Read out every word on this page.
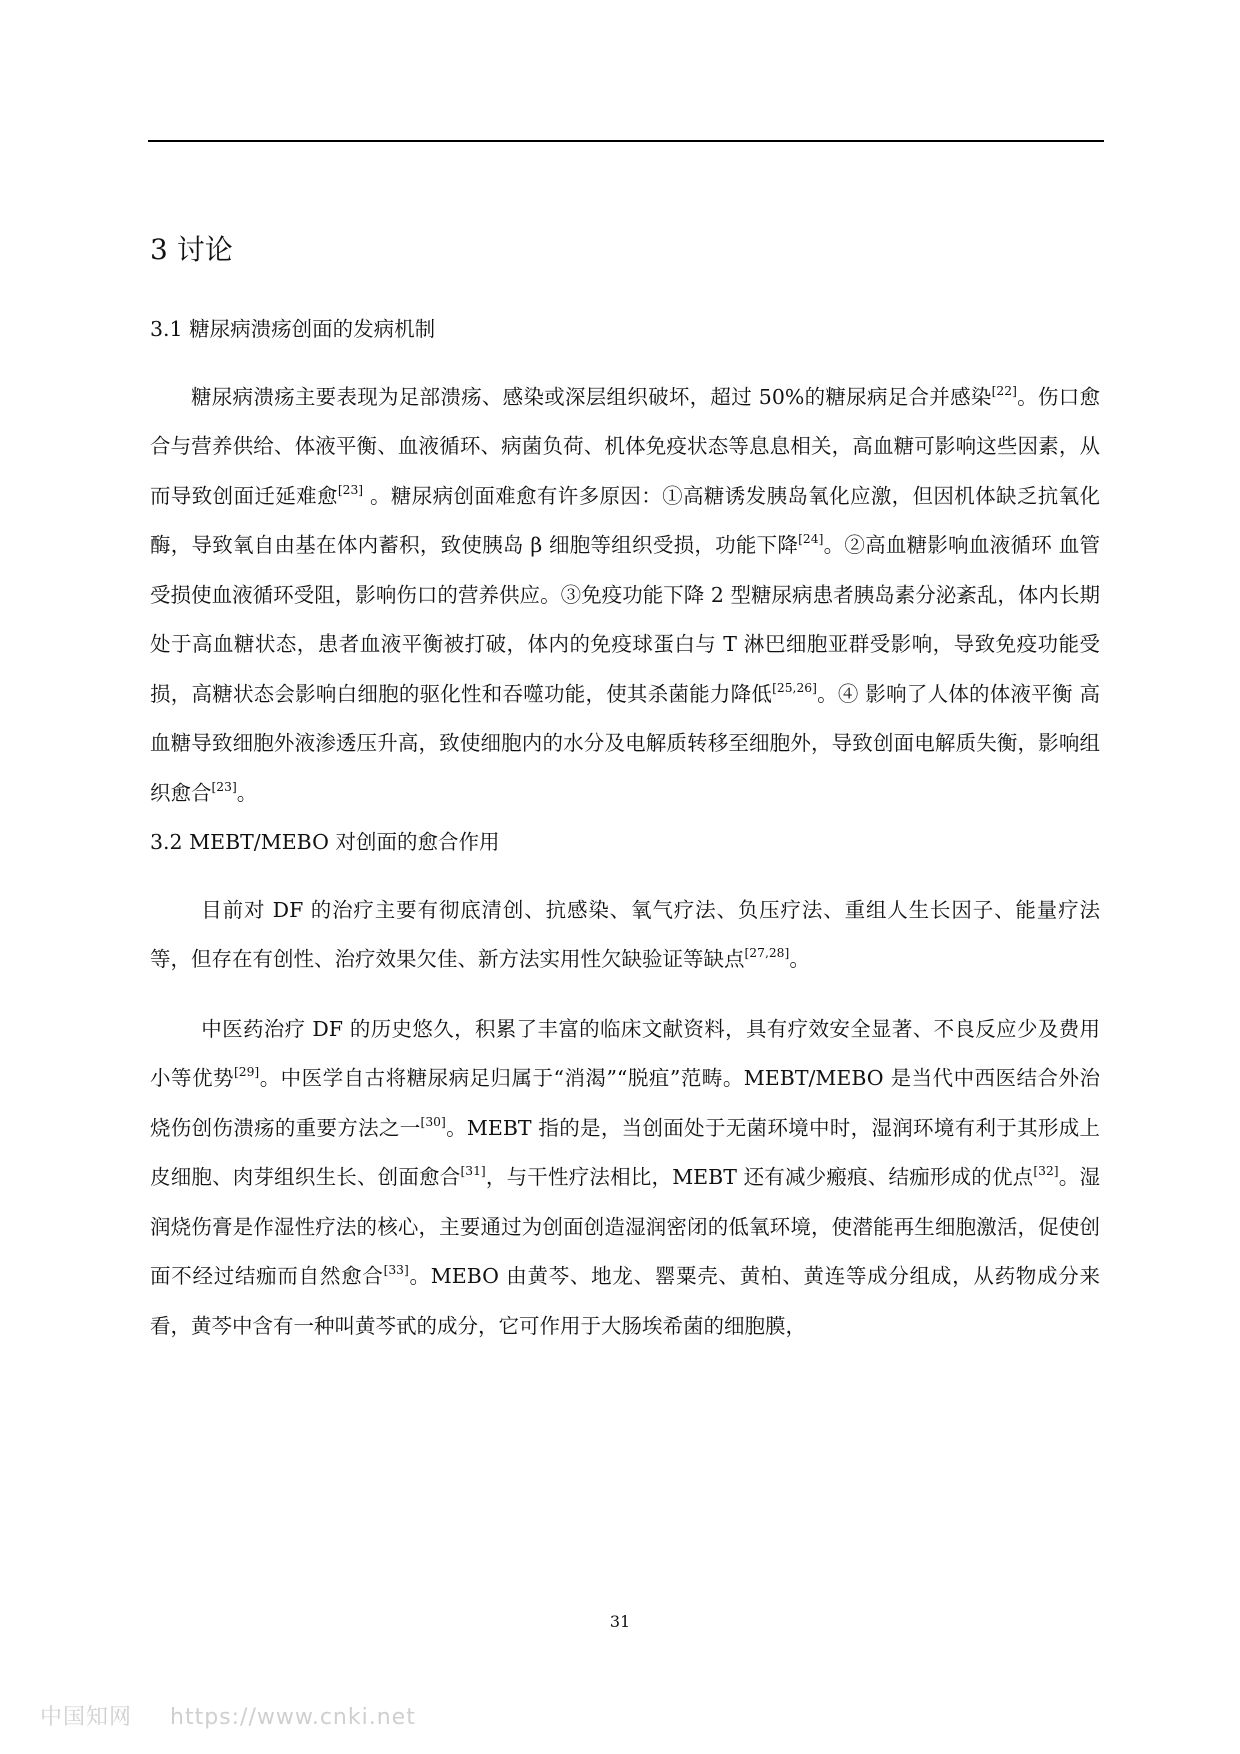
3 讨论
3.1 糖尿病溃疡创面的发病机制

糖尿病溃疡主要表现为足部溃疡、感染或深层组织破坏，超过 50%的糖尿病足合并感染[22]。伤口愈合与营养供给、体液平衡、血液循环、病菌负荷、机体免疫状态等息息相关，高血糖可影响这些因素，从而导致创面迁延难愈[23] 。糖尿病创面难愈有许多原因：①高糖诱发胰岛氧化应激，但因机体缺乏抗氧化酶，导致氧自由基在体内蓄积，致使胰岛 β 细胞等组织受损，功能下降[24]。②高血糖影响血液循环 血管受损使血液循环受阻，影响伤口的营养供应。③免疫功能下降 2 型糖尿病患者胰岛素分泌紊乱，体内长期处于高血糖状态，患者血液平衡被打破，体内的免疫球蛋白与 T 淋巴细胞亚群受影响，导致免疫功能受损，高糖状态会影响白细胞的驱化性和吞噬功能，使其杀菌能力降低[25,26]。④ 影响了人体的体液平衡 高血糖导致细胞外液渗透压升高，致使细胞内的水分及电解质转移至细胞外，导致创面电解质失衡，影响组织愈合[23]。

3.2 MEBT/MEBO 对创面的愈合作用

目前对 DF 的治疗主要有彻底清创、抗感染、氧气疗法、负压疗法、重组人生长因子、能量疗法等，但存在有创性、治疗效果欠佳、新方法实用性欠缺验证等缺点[27,28]。

中医药治疗 DF 的历史悠久，积累了丰富的临床文献资料，具有疗效安全显著、不良反应少及费用小等优势[29]。中医学自古将糖尿病足归属于“消渴”“脱疽”范畴。MEBT/MEBO 是当代中西医结合外治烧伤创伤溃疡的重要方法之一[30]。MEBT 指的是，当创面处于无菌环境中时，湿润环境有利于其形成上皮细胞、肉芽组织生长、创面愈合[31]，与干性疗法相比，MEBT 还有减少瘢痕、结痂形成的优点[32]。湿润烧伤膏是作湿性疗法的核心，主要通过为创面创造湿润密闭的低氧环境，使潜能再生细胞激活，促使创面不经过结痂而自然愈合[33]。MEBO 由黄芩、地龙、罂粟壳、黄柏、黄连等成分组成，从药物成分来看，黄芩中含有一种叫黄芩甙的成分，它可作用于大肠埃希菌的细胞膜，

31
中国知网 https://www.cnki.net
